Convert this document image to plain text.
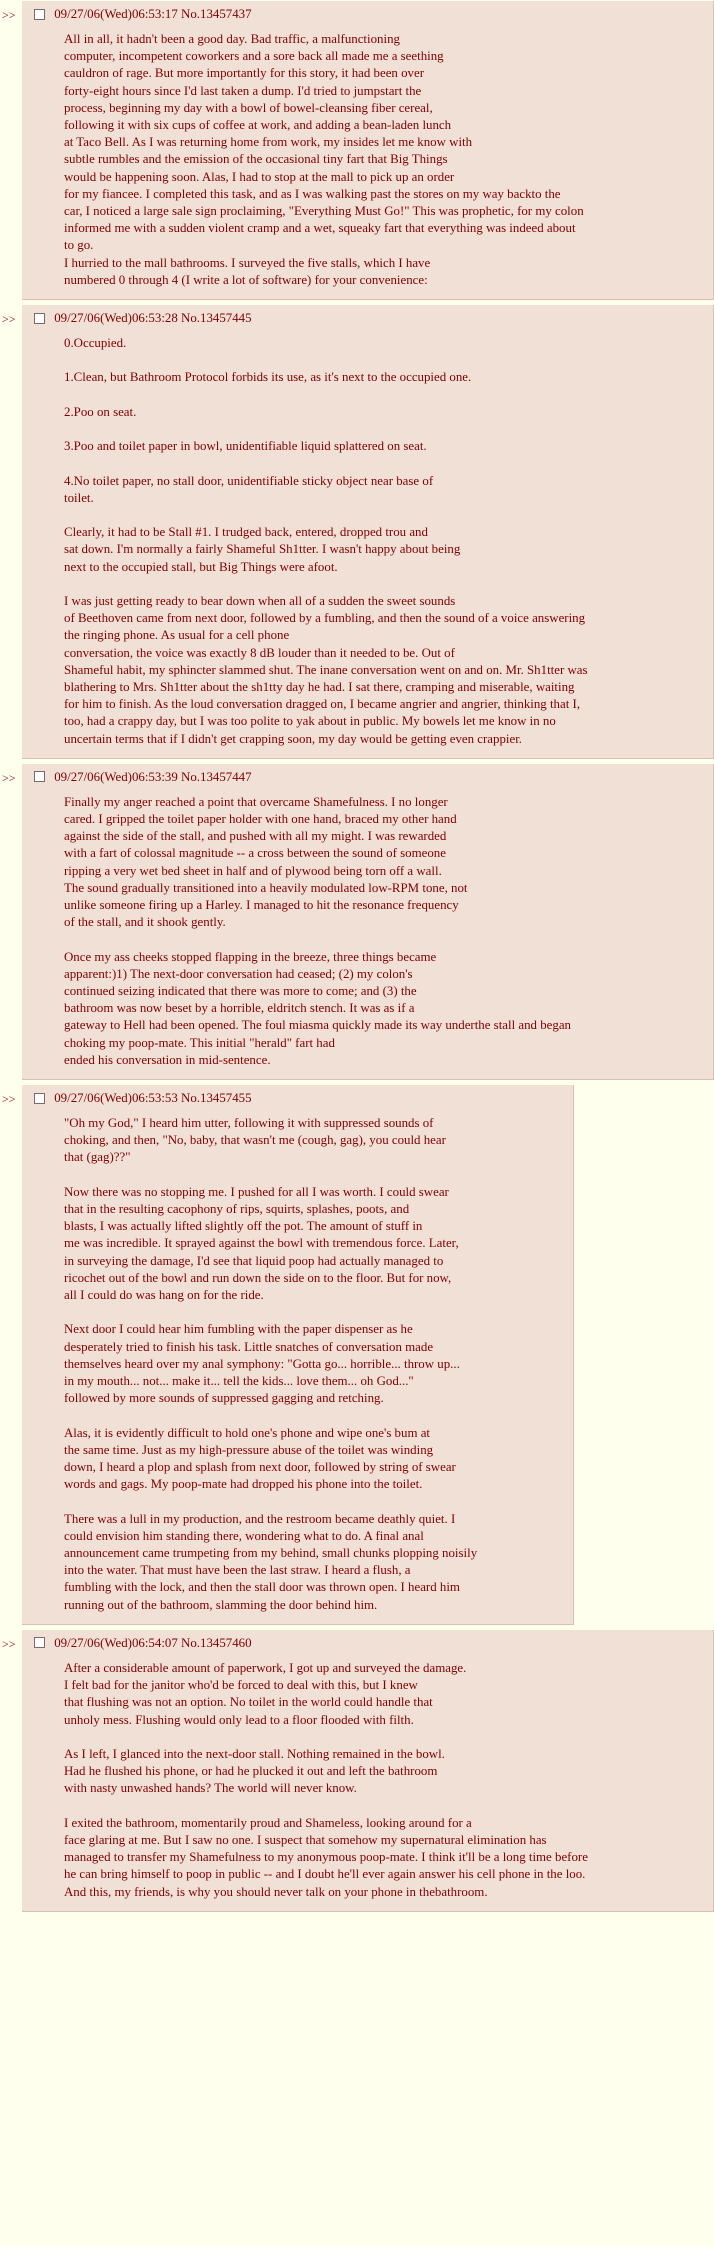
>>	09/27/06(Wed)06:53:17 No.13457437
All in all, it hadn't been a good day. Bad traffic, a malfunctioning
computer, incompetent coworkers and a sore back all made me a seething
cauldron of rage. But more importantly for this story, it had been over
forty-eight hours since I'd last taken a dump. I'd tried to jumpstart the
process, beginning my day with a bowl of bowel-cleansing fiber cereal,
following it with six cups of coffee at work, and adding a bean-laden lunch
at Taco Bell. As I was returning home from work, my insides let me know with
subtle rumbles and the emission of the occasional tiny fart that Big Things
would be happening soon. Alas, I had to stop at the mall to pick up an order
for my fiancee. I completed this task, and as I was walking past the stores on my way backto the
car, I noticed a large sale sign proclaiming, "Everything Must Go!" This was prophetic, for my colon
informed me with a sudden violent cramp and a wet, squeaky fart that everything was indeed about
to go.
I hurried to the mall bathrooms. I surveyed the five stalls, which I have
numbered 0 through 4 (I write a lot of software) for your convenience:
>>	09/27/06(Wed)06:53:28 No.13457445
0.Occupied.
1.Clean, but Bathroom Protocol forbids its use, as it's next to the occupied one.
2.Poo on seat.
3.Poo and toilet paper in bowl, unidentifiable liquid splattered on seat.
4.No toilet paper, no stall door, unidentifiable sticky object near base of
toilet.
Clearly, it had to be Stall #1. I trudged back, entered, dropped trou and
sat down. I'm normally a fairly Shameful Sh1tter. I wasn't happy about being
next to the occupied stall, but Big Things were afoot.
I was just getting ready to bear down when all of a sudden the sweet sounds
of Beethoven came from next door, followed by a fumbling, and then the sound of a voice answering
the ringing phone. As usual for a cell phone
conversation, the voice was exactly 8 dB louder than it needed to be. Out of
Shameful habit, my sphincter slammed shut. The inane conversation went on and on. Mr. Sh1tter was
blathering to Mrs. Sh1tter about the sh1tty day he had. I sat there, cramping and miserable, waiting
for him to finish. As the loud conversation dragged on, I became angrier and angrier, thinking that I,
too, had a crappy day, but I was too polite to yak about in public. My bowels let me know in no
uncertain terms that if I didn't get crapping soon, my day would be getting even crappier.
>>	09/27/06(Wed)06:53:39 No.13457447
Finally my anger reached a point that overcame Shamefulness. I no longer
cared. I gripped the toilet paper holder with one hand, braced my other hand
against the side of the stall, and pushed with all my might. I was rewarded
with a fart of colossal magnitude -- a cross between the sound of someone
ripping a very wet bed sheet in half and of plywood being torn off a wall.
The sound gradually transitioned into a heavily modulated low-RPM tone, not
unlike someone firing up a Harley. I managed to hit the resonance frequency
of the stall, and it shook gently.
Once my ass cheeks stopped flapping in the breeze, three things became
apparent:)1) The next-door conversation had ceased; (2) my colon's
continued seizing indicated that there was more to come; and (3) the
bathroom was now beset by a horrible, eldritch stench. It was as if a
gateway to Hell had been opened. The foul miasma quickly made its way underthe stall and began
choking my poop-mate. This initial "herald" fart had
ended his conversation in mid-sentence.
>>	09/27/06(Wed)06:53:53 No.13457455
"Oh my God," I heard him utter, following it with suppressed sounds of
choking, and then, "No, baby, that wasn't me (cough, gag), you could hear
that (gag)??"
Now there was no stopping me. I pushed for all I was worth. I could swear
that in the resulting cacophony of rips, squirts, splashes, poots, and
blasts, I was actually lifted slightly off the pot. The amount of stuff in
me was incredible. It sprayed against the bowl with tremendous force. Later,
in surveying the damage, I'd see that liquid poop had actually managed to
ricochet out of the bowl and run down the side on to the floor. But for now,
all I could do was hang on for the ride.
Next door I could hear him fumbling with the paper dispenser as he
desperately tried to finish his task. Little snatches of conversation made
themselves heard over my anal symphony: "Gotta go... horrible... throw up...
in my mouth... not... make it... tell the kids... love them... oh God..."
followed by more sounds of suppressed gagging and retching.
Alas, it is evidently difficult to hold one's phone and wipe one's bum at
the same time. Just as my high-pressure abuse of the toilet was winding
down, I heard a plop and splash from next door, followed by string of swear
words and gags. My poop-mate had dropped his phone into the toilet.
There was a lull in my production, and the restroom became deathly quiet. I
could envision him standing there, wondering what to do. A final anal
announcement came trumpeting from my behind, small chunks plopping noisily
into the water. That must have been the last straw. I heard a flush, a
fumbling with the lock, and then the stall door was thrown open. I heard him
running out of the bathroom, slamming the door behind him.
>>	09/27/06(Wed)06:54:07 No.13457460
After a considerable amount of paperwork, I got up and surveyed the damage.
I felt bad for the janitor who'd be forced to deal with this, but I knew
that flushing was not an option. No toilet in the world could handle that
unholy mess. Flushing would only lead to a floor flooded with filth.
As I left, I glanced into the next-door stall. Nothing remained in the bowl.
Had he flushed his phone, or had he plucked it out and left the bathroom
with nasty unwashed hands? The world will never know.
I exited the bathroom, momentarily proud and Shameless, looking around for a
face glaring at me. But I saw no one. I suspect that somehow my supernatural elimination has
managed to transfer my Shamefulness to my anonymous poop-mate. I think it'll be a long time before
he can bring himself to poop in public -- and I doubt he'll ever again answer his cell phone in the loo.
And this, my friends, is why you should never talk on your phone in thebathroom.
